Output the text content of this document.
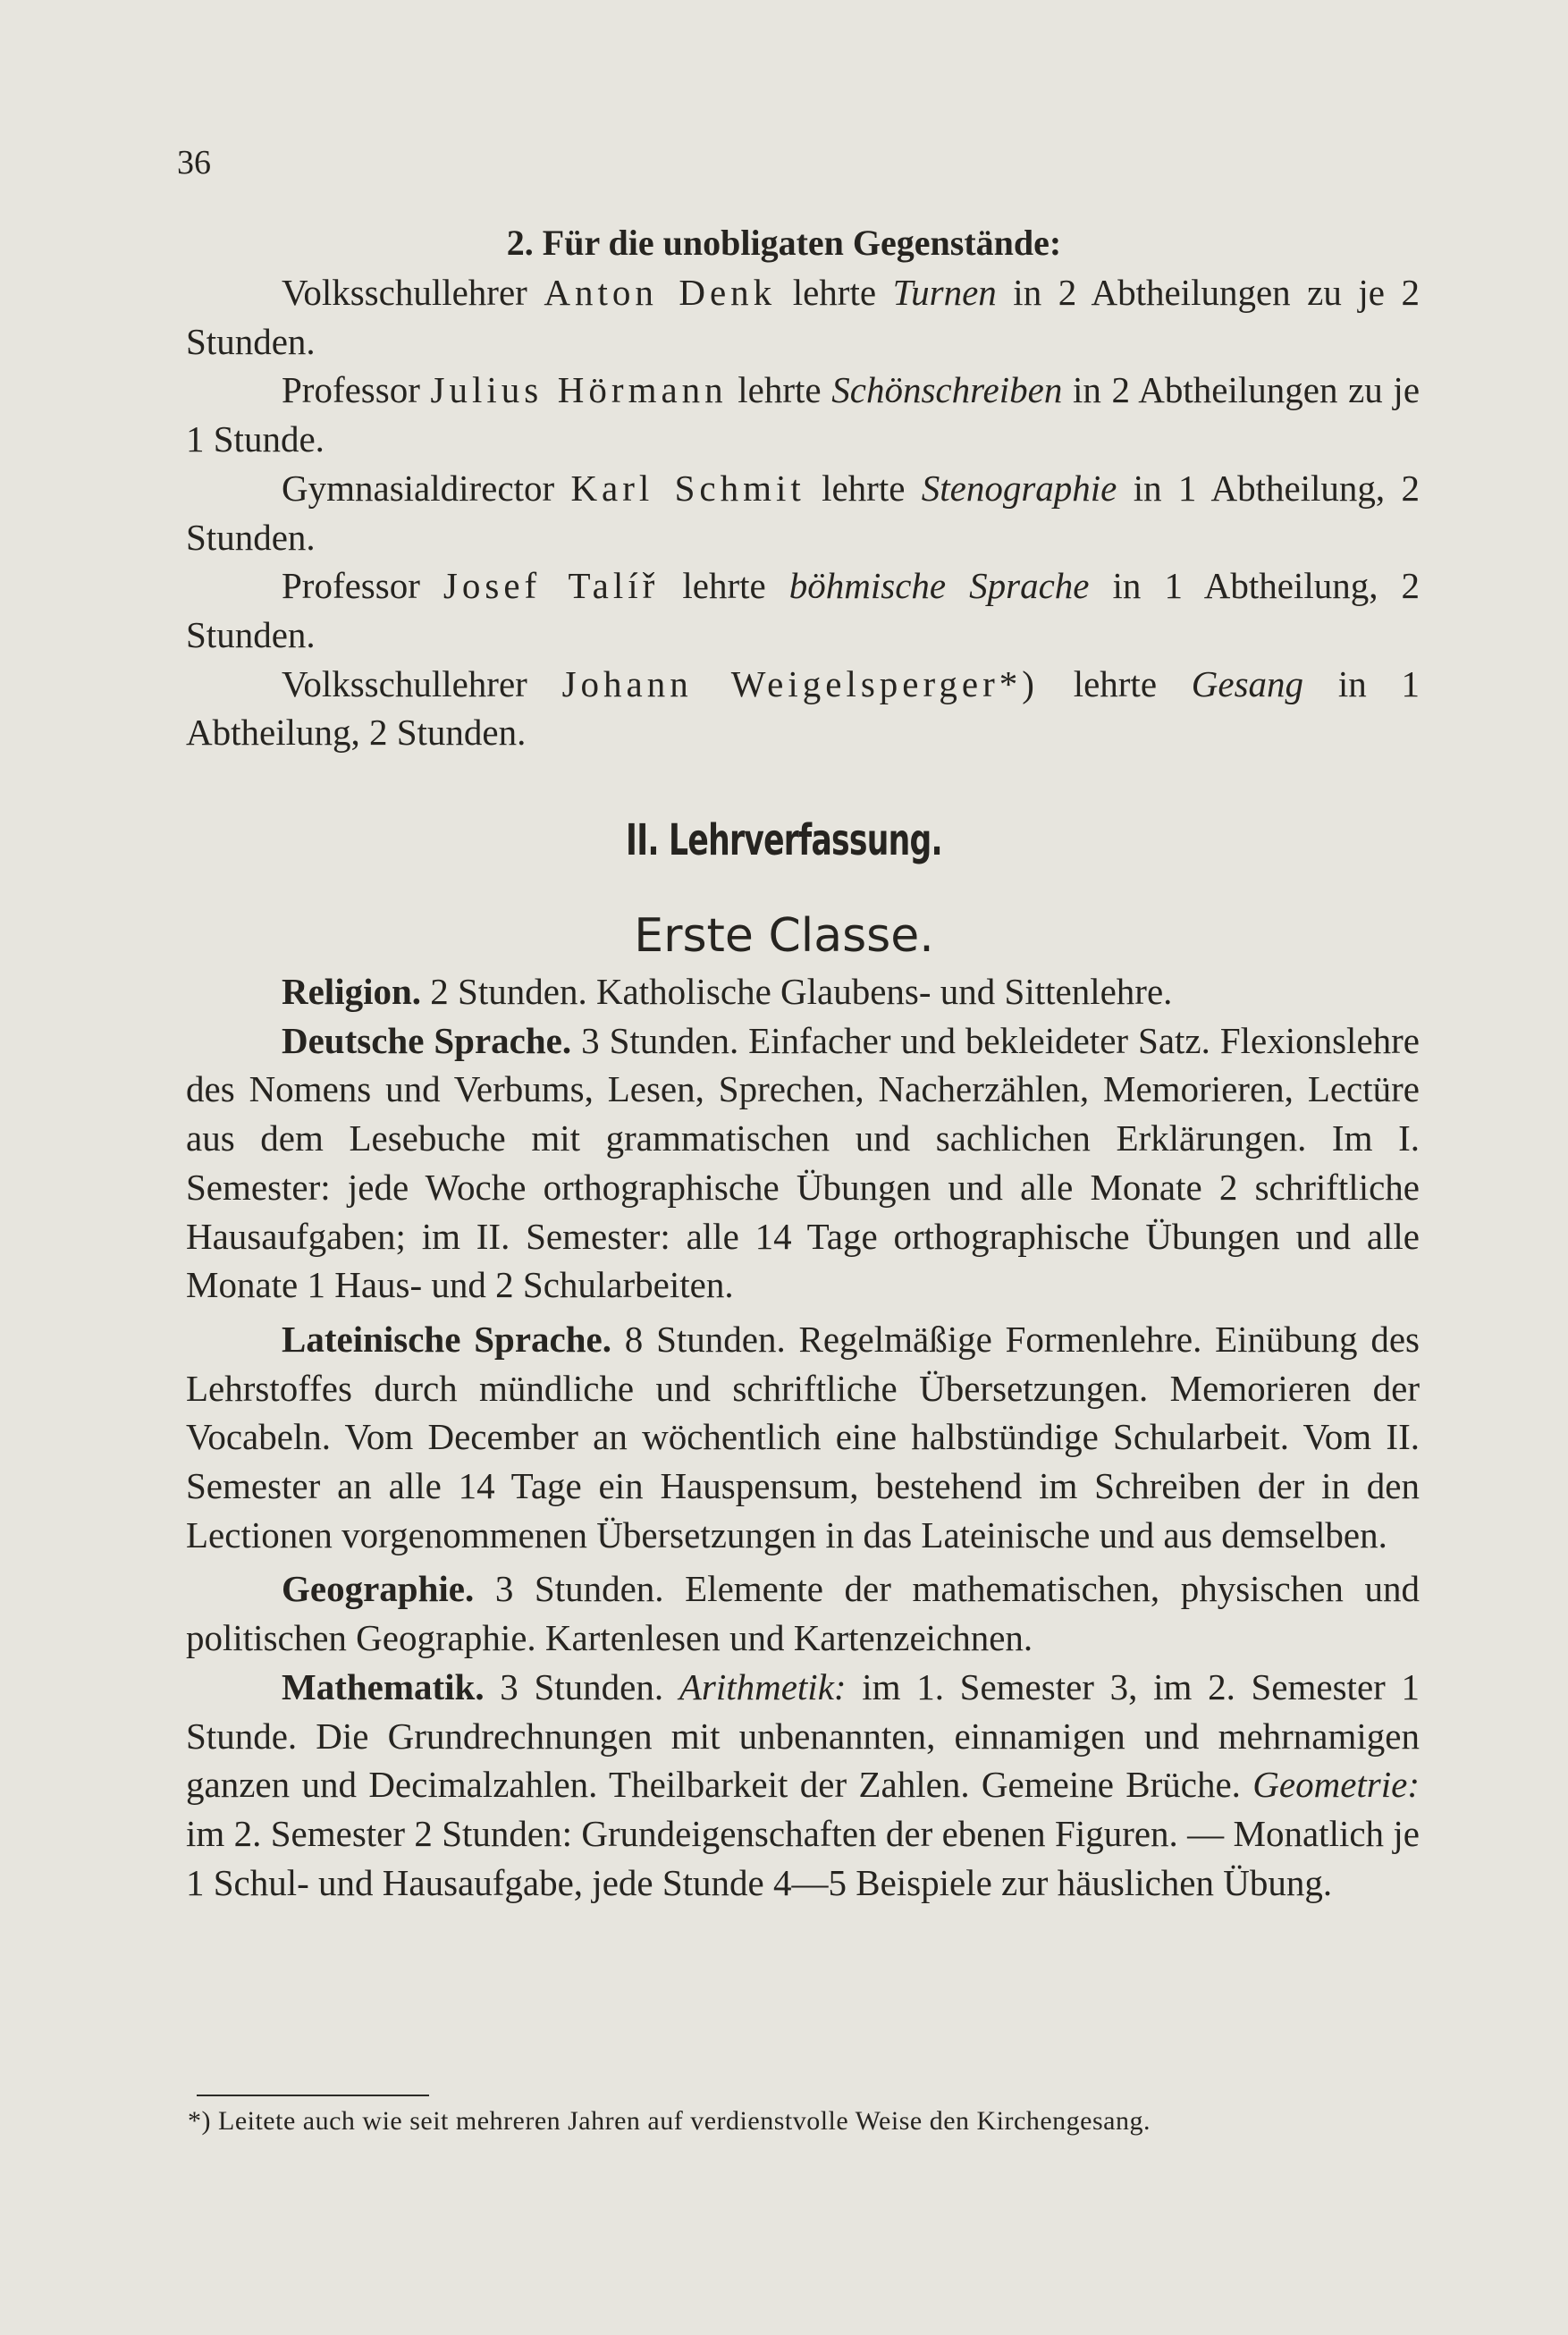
36
2. Für die unobligaten Gegenstände:

Volksschullehrer Anton Denk lehrte Turnen in 2 Abtheilungen zu je 2 Stunden.

Professor Julius Hörmann lehrte Schönschreiben in 2 Abtheilungen zu je 1 Stunde.

Gymnasialdirector Karl Schmit lehrte Stenographie in 1 Abtheilung, 2 Stunden.

Professor Josef Talíř lehrte böhmische Sprache in 1 Abtheilung, 2 Stunden.

Volksschullehrer Johann Weigelsperger*) lehrte Gesang in 1 Abtheilung, 2 Stunden.

II. Lehrverfassung.
Erste Classe.

Religion. 2 Stunden. Katholische Glaubens- und Sittenlehre.

Deutsche Sprache. 3 Stunden. Einfacher und bekleideter Satz. Flexionslehre des Nomens und Verbums, Lesen, Sprechen, Nacherzählen, Memorieren, Lectüre aus dem Lesebuche mit grammatischen und sachlichen Erklärungen. Im I. Semester: jede Woche orthographische Übungen und alle Monate 2 schriftliche Hausaufgaben; im II. Semester: alle 14 Tage orthographische Übungen und alle Monate 1 Haus- und 2 Schularbeiten.

Lateinische Sprache. 8 Stunden. Regelmäßige Formenlehre. Einübung des Lehrstoffes durch mündliche und schriftliche Übersetzungen. Memorieren der Vocabeln. Vom December an wöchentlich eine halbstündige Schularbeit. Vom II. Semester an alle 14 Tage ein Hauspensum, bestehend im Schreiben der in den Lectionen vorgenommenen Übersetzungen in das Lateinische und aus demselben.

Geographie. 3 Stunden. Elemente der mathematischen, physischen und politischen Geographie. Kartenlesen und Kartenzeichnen.

Mathematik. 3 Stunden. Arithmetik: im 1. Semester 3, im 2. Semester 1 Stunde. Die Grundrechnungen mit unbenannten, einnamigen und mehrnamigen ganzen und Decimalzahlen. Theilbarkeit der Zahlen. Gemeine Brüche. Geometrie: im 2. Semester 2 Stunden: Grundeigenschaften der ebenen Figuren. — Monatlich je 1 Schul- und Hausaufgabe, jede Stunde 4—5 Beispiele zur häuslichen Übung.

*) Leitete auch wie seit mehreren Jahren auf verdienstvolle Weise den Kirchengesang.
